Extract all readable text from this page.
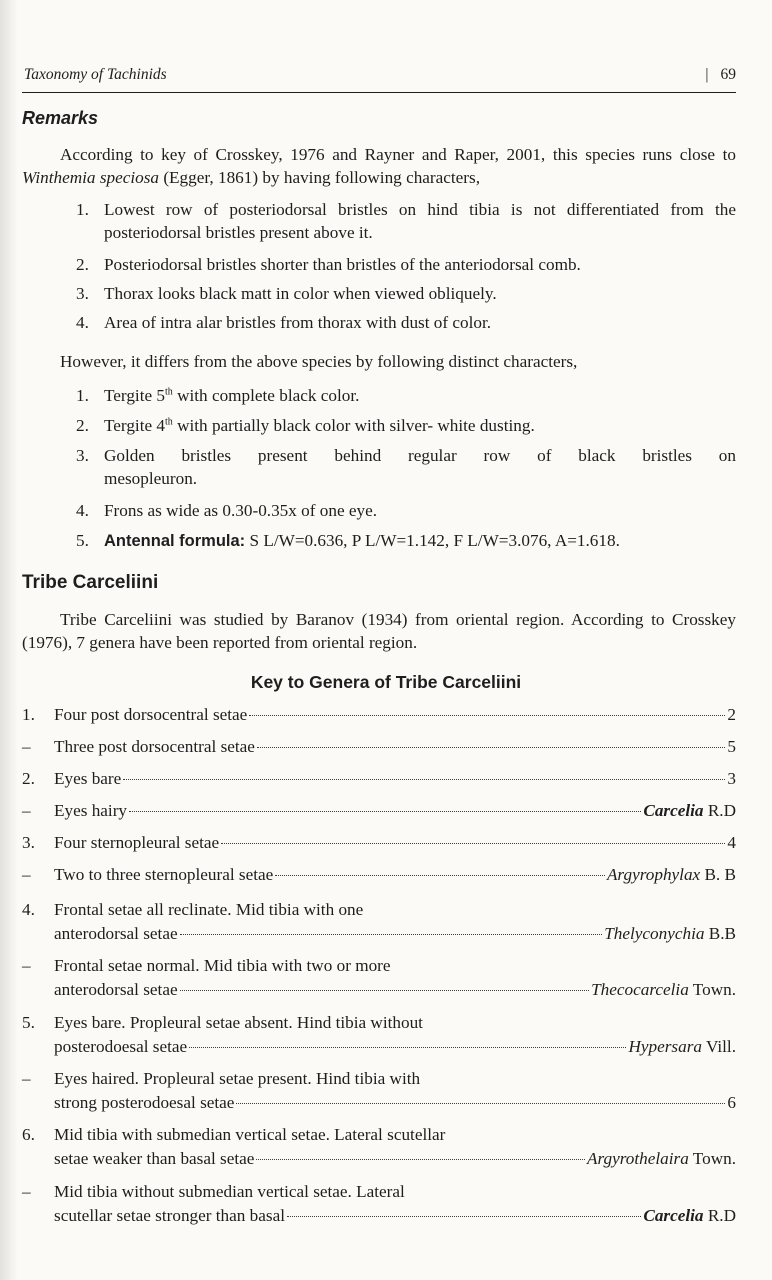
Taxonomy of Tachinids	| 69
Remarks
According to key of Crosskey, 1976 and Rayner and Raper, 2001, this species runs close to Winthemia speciosa (Egger, 1861) by having following characters,
1. Lowest row of posteriodorsal bristles on hind tibia is not differentiated from the posteriodorsal bristles present above it.
2. Posteriodorsal bristles shorter than bristles of the anteriodorsal comb.
3. Thorax looks black matt in color when viewed obliquely.
4. Area of intra alar bristles from thorax with dust of color.
However, it differs from the above species by following distinct characters,
1. Tergite 5th with complete black color.
2. Tergite 4th with partially black color with silver- white dusting.
3. Golden bristles present behind regular row of black bristles on
mesopleuron.
4. Frons as wide as 0.30-0.35x of one eye.
5. Antennal formula: S L/W=0.636, P L/W=1.142, F L/W=3.076, A=1.618.
Tribe Carceliini
Tribe Carceliini was studied by Baranov (1934) from oriental region. According to Crosskey (1976), 7 genera have been reported from oriental region.
Key to Genera of Tribe Carceliini
1. Four post dorsocentral setae	2
– Three post dorsocentral setae	5
2. Eyes bare	3
– Eyes hairy	Carcelia R.D
3. Four sternopleural setae	4
– Two to three sternopleural setae	Argyrophylax B. B
4. Frontal setae all reclinate. Mid tibia with one
anterodorsal setae	Thelyconychia B.B
– Frontal setae normal. Mid tibia with two or more
anterodorsal setae	Thecocarcelia Town.
5. Eyes bare. Propleural setae absent. Hind tibia without
posterodoesal setae	Hypersara Vill.
– Eyes haired. Propleural setae present. Hind tibia with
strong posterodoesal setae	6
6. Mid tibia with submedian vertical setae. Lateral scutellar
setae weaker than basal setae	Argyrothelaira Town.
– Mid tibia without submedian vertical setae. Lateral
scutellar setae stronger than basal	Carcelia R.D
